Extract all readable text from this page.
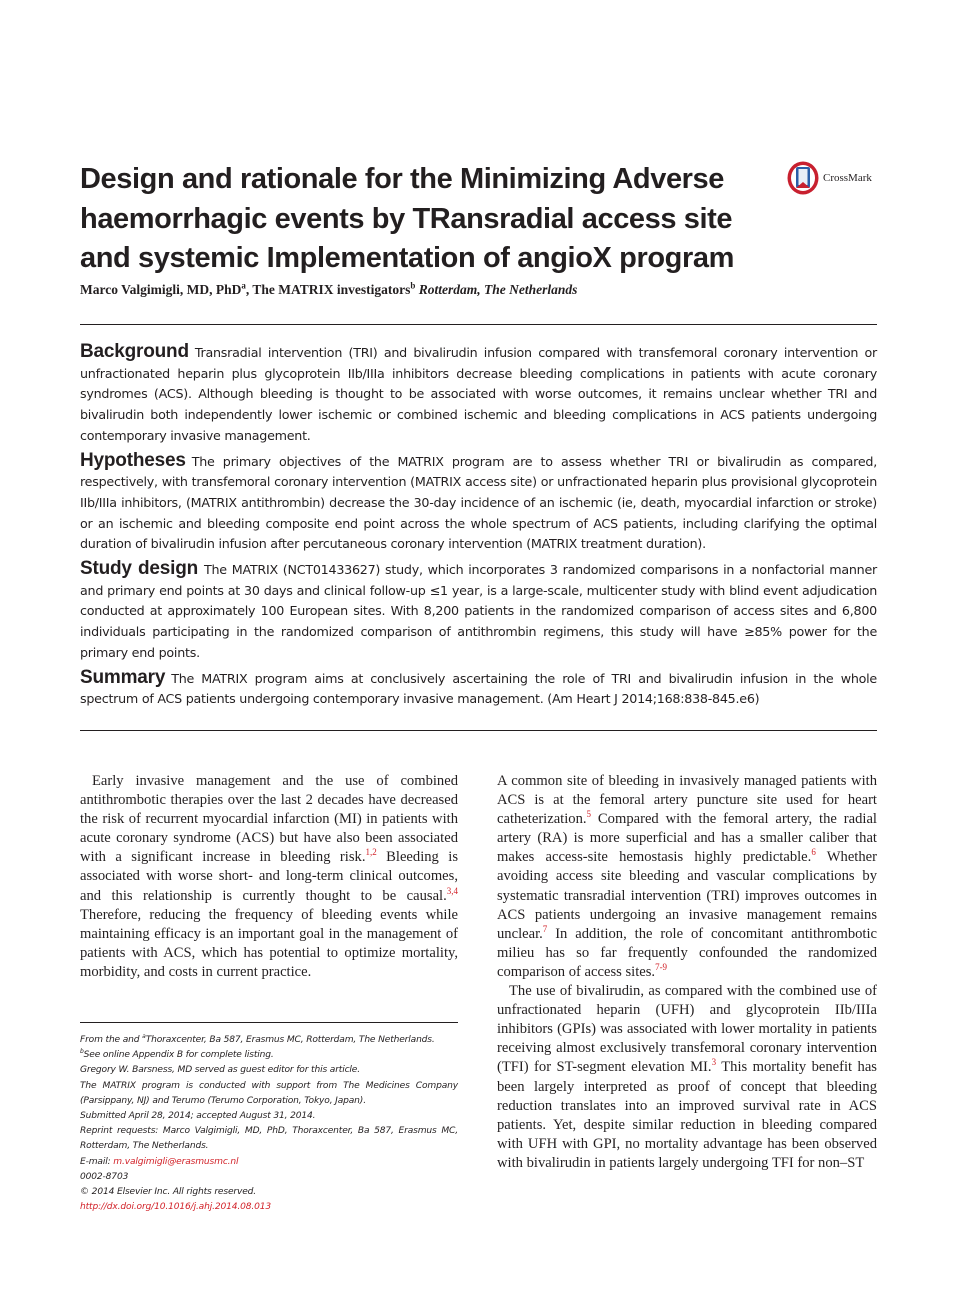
Design and rationale for the Minimizing Adverse haemorrhagic events by TRansradial access site and systemic Implementation of angioX program
CrossMark
Marco Valgimigli, MD, PhD$^a$, The MATRIX investigators$^b$ Rotterdam, The Netherlands

Background Transradial intervention (TRI) and bivalirudin infusion compared with transfemoral coronary intervention or unfractionated heparin plus glycoprotein IIb/IIIa inhibitors decrease bleeding complications in patients with acute coronary syndromes (ACS). Although bleeding is thought to be associated with worse outcomes, it remains unclear whether TRI and bivalirudin both independently lower ischemic or combined ischemic and bleeding complications in ACS patients undergoing contemporary invasive management.

Hypotheses The primary objectives of the MATRIX program are to assess whether TRI or bivalirudin as compared, respectively, with transfemoral coronary intervention (MATRIX access site) or unfractionated heparin plus provisional glycoprotein IIb/IIIa inhibitors, (MATRIX antithrombin) decrease the 30-day incidence of an ischemic (ie, death, myocardial infarction or stroke) or an ischemic and bleeding composite end point across the whole spectrum of ACS patients, including clarifying the optimal duration of bivalirudin infusion after percutaneous coronary intervention (MATRIX treatment duration).

Study design The MATRIX (NCT01433627) study, which incorporates 3 randomized comparisons in a nonfactorial manner and primary end points at 30 days and clinical follow-up ≤1 year, is a large-scale, multicenter study with blind event adjudication conducted at approximately 100 European sites. With 8,200 patients in the randomized comparison of access sites and 6,800 individuals participating in the randomized comparison of antithrombin regimens, this study will have ≥85% power for the primary end points.

Summary The MATRIX program aims at conclusively ascertaining the role of TRI and bivalirudin infusion in the whole spectrum of ACS patients undergoing contemporary invasive management. (Am Heart J 2014;168:838-845.e6)

Early invasive management and the use of combined antithrombotic therapies over the last 2 decades have decreased the risk of recurrent myocardial infarction (MI) in patients with acute coronary syndrome (ACS) but have also been associated with a significant increase in bleeding risk.$^{1,2}$ Bleeding is associated with worse short- and long-term clinical outcomes, and this relationship is currently thought to be causal.$^{3,4}$ Therefore, reducing the frequency of bleeding events while maintaining efficacy is an important goal in the management of patients with ACS, which has potential to optimize mortality, morbidity, and costs in current practice.

A common site of bleeding in invasively managed patients with ACS is at the femoral artery puncture site used for heart catheterization.$^5$ Compared with the femoral artery, the radial artery (RA) is more superficial and has a smaller caliber that makes access-site hemostasis highly predictable.$^6$ Whether avoiding access site bleeding and vascular complications by systematic transradial intervention (TRI) improves outcomes in ACS patients undergoing an invasive management remains unclear.$^7$ In addition, the role of concomitant antithrombotic milieu has so far frequently confounded the randomized comparison of access sites.$^{7-9}$

The use of bivalirudin, as compared with the combined use of unfractionated heparin (UFH) and glycoprotein IIb/IIIa inhibitors (GPIs) was associated with lower mortality in patients receiving almost exclusively transfemoral coronary intervention (TFI) for ST-segment elevation MI.$^3$ This mortality benefit has been largely interpreted as proof of concept that bleeding reduction translates into an improved survival rate in ACS patients. Yet, despite similar reduction in bleeding compared with UFH with GPI, no mortality advantage has been observed with bivalirudin in patients largely undergoing TFI for non–ST

From the and $^a$Thoraxcenter, Ba 587, Erasmus MC, Rotterdam, The Netherlands.
$^b$See online Appendix B for complete listing.
Gregory W. Barsness, MD served as guest editor for this article.
The MATRIX program is conducted with support from The Medicines Company (Parsippany, NJ) and Terumo (Terumo Corporation, Tokyo, Japan).
Submitted April 28, 2014; accepted August 31, 2014.
Reprint requests: Marco Valgimigli, MD, PhD, Thoraxcenter, Ba 587, Erasmus MC, Rotterdam, The Netherlands.
E-mail: m.valgimigli@erasmusmc.nl
0002-8703
© 2014 Elsevier Inc. All rights reserved.
http://dx.doi.org/10.1016/j.ahj.2014.08.013
